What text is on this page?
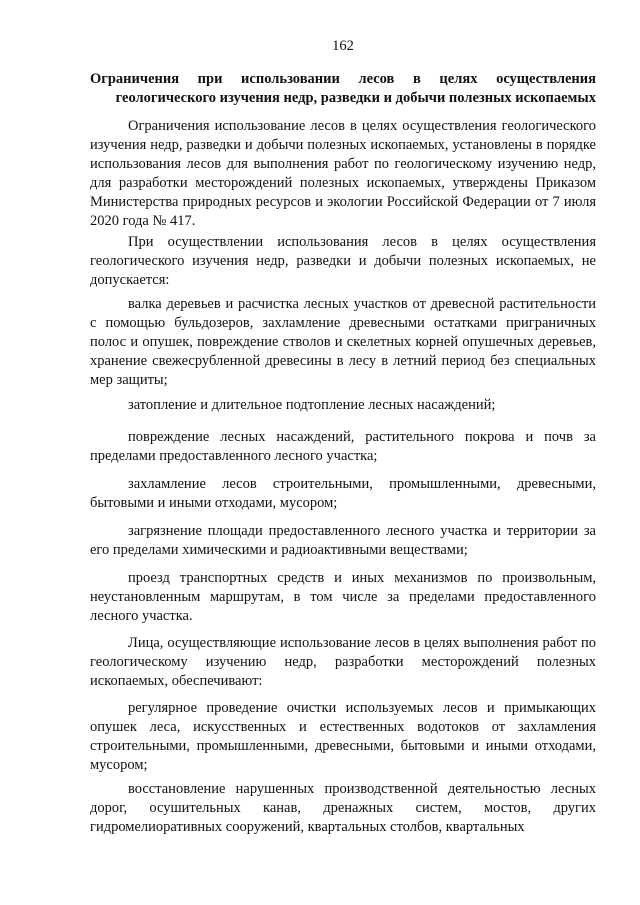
162

Ограничения при использовании лесов в целях осуществления геологического изучения недр, разведки и добычи полезных ископаемых

Ограничения использование лесов в целях осуществления геологического изучения недр, разведки и добычи полезных ископаемых, установлены в порядке использования лесов для выполнения работ по геологическому изучению недр, для разработки месторождений полезных ископаемых, утверждены Приказом Министерства природных ресурсов и экологии Российской Федерации от 7 июля 2020 года № 417.

При осуществлении использования лесов в целях осуществления геологического изучения недр, разведки и добычи полезных ископаемых, не допускается:

валка деревьев и расчистка лесных участков от древесной растительности с помощью бульдозеров, захламление древесными остатками приграничных полос и опушек, повреждение стволов и скелетных корней опушечных деревьев, хранение свежесрубленной древесины в лесу в летний период без специальных мер защиты;

затопление и длительное подтопление лесных насаждений;

повреждение лесных насаждений, растительного покрова и почв за пределами предоставленного лесного участка;

захламление лесов строительными, промышленными, древесными, бытовыми и иными отходами, мусором;

загрязнение площади предоставленного лесного участка и территории за его пределами химическими и радиоактивными веществами;

проезд транспортных средств и иных механизмов по произвольным, неустановленным маршрутам, в том числе за пределами предоставленного лесного участка.

Лица, осуществляющие использование лесов в целях выполнения работ по геологическому изучению недр, разработки месторождений полезных ископаемых, обеспечивают:

регулярное проведение очистки используемых лесов и примыкающих опушек леса, искусственных и естественных водотоков от захламления строительными, промышленными, древесными, бытовыми и иными отходами, мусором;

восстановление нарушенных производственной деятельностью лесных дорог, осушительных канав, дренажных систем, мостов, других гидромелиоративных сооружений, квартальных столбов, квартальных
